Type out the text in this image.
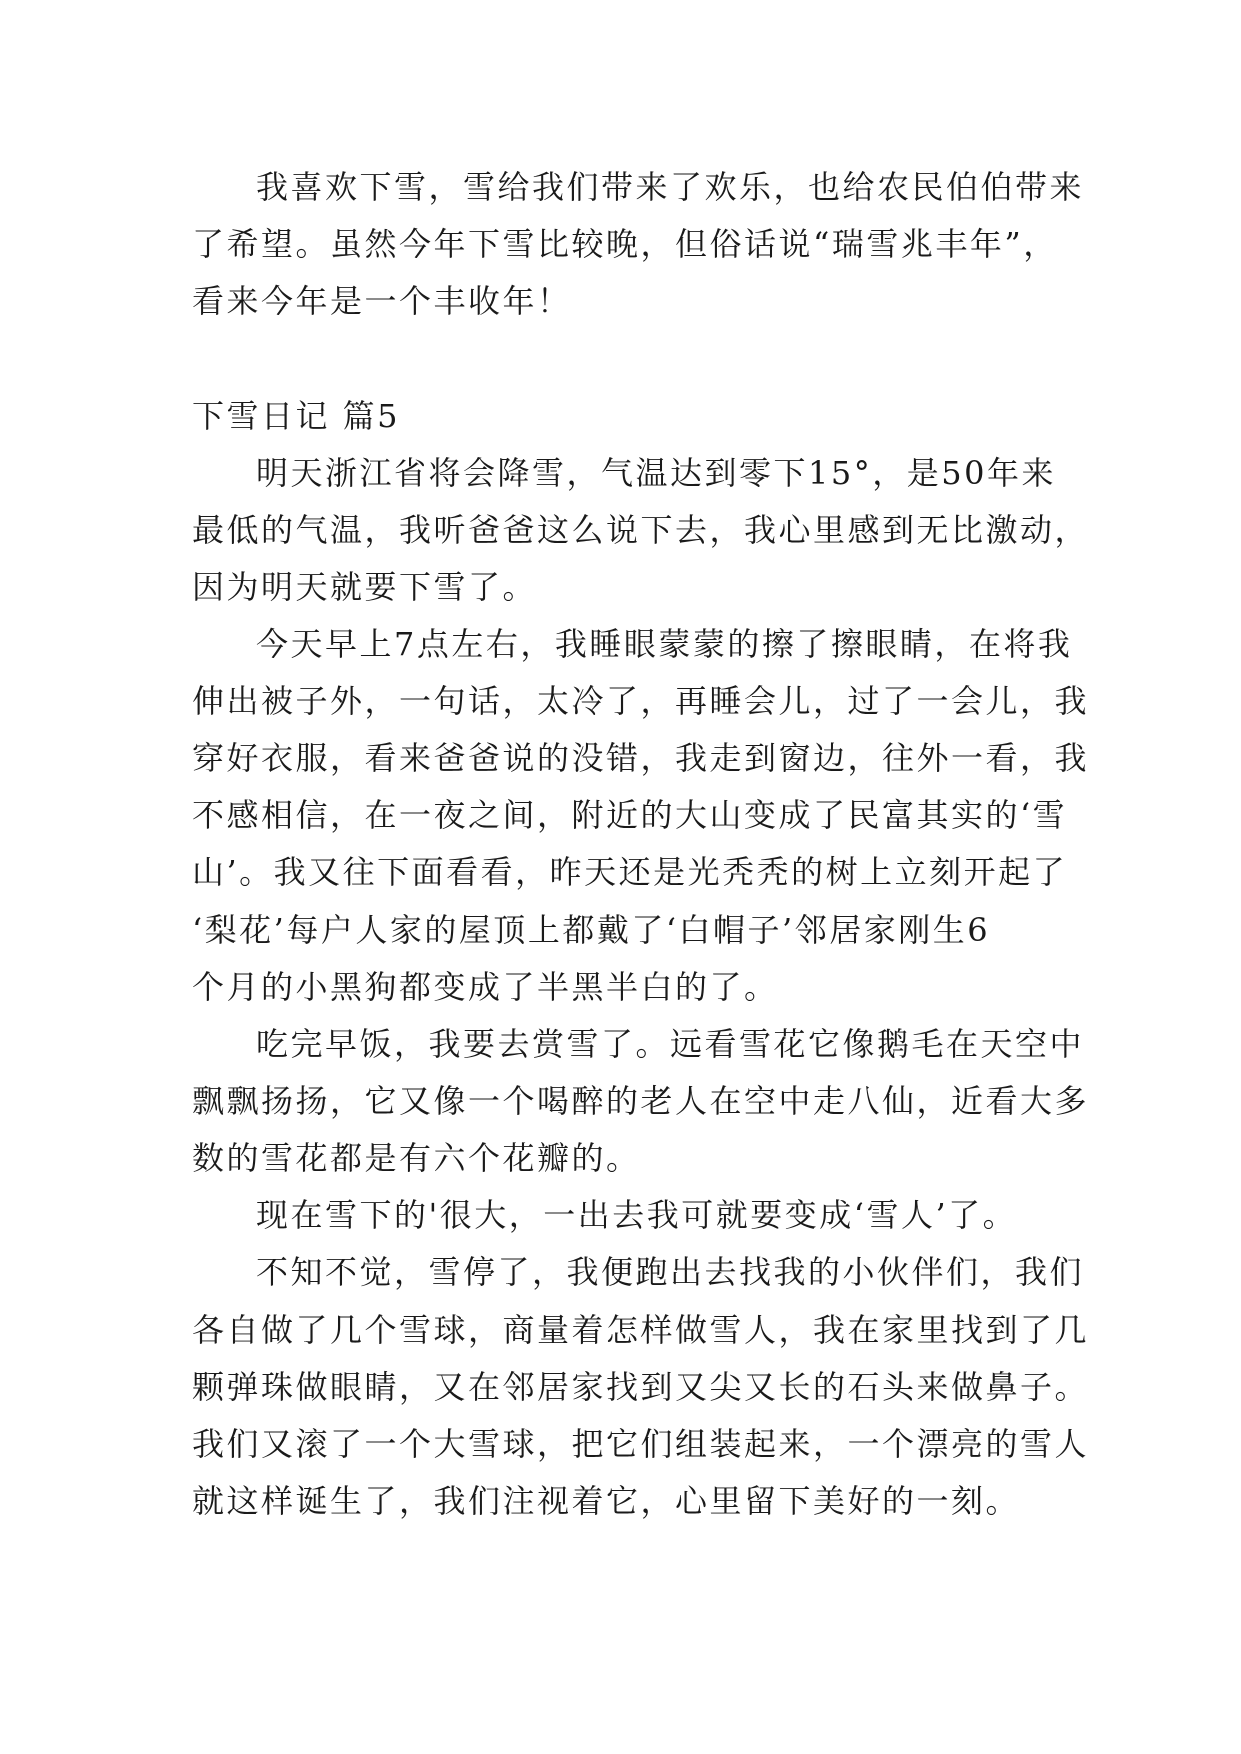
我喜欢下雪，雪给我们带来了欢乐，也给农民伯伯带来
了希望。虽然今年下雪比较晚，但俗话说“瑞雪兆丰年”，
看来今年是一个丰收年！
下雪日记 篇5
明天浙江省将会降雪，气温达到零下15°，是50年来
最低的气温，我听爸爸这么说下去，我心里感到无比激动，
因为明天就要下雪了。
今天早上7点左右，我睡眼蒙蒙的擦了擦眼睛，在将我
伸出被子外，一句话，太冷了，再睡会儿，过了一会儿，我
穿好衣服，看来爸爸说的没错，我走到窗边，往外一看，我
不感相信，在一夜之间，附近的大山变成了民富其实的‘雪
山’。我又往下面看看，昨天还是光秃秃的树上立刻开起了
‘梨花’每户人家的屋顶上都戴了‘白帽子’邻居家刚生6
个月的小黑狗都变成了半黑半白的了。
吃完早饭，我要去赏雪了。远看雪花它像鹅毛在天空中
飘飘扬扬，它又像一个喝醉的老人在空中走八仙，近看大多
数的雪花都是有六个花瓣的。
现在雪下的'很大，一出去我可就要变成‘雪人’了。
不知不觉，雪停了，我便跑出去找我的小伙伴们，我们
各自做了几个雪球，商量着怎样做雪人，我在家里找到了几
颗弹珠做眼睛，又在邻居家找到又尖又长的石头来做鼻子。
我们又滚了一个大雪球，把它们组装起来，一个漂亮的雪人
就这样诞生了，我们注视着它，心里留下美好的一刻。
